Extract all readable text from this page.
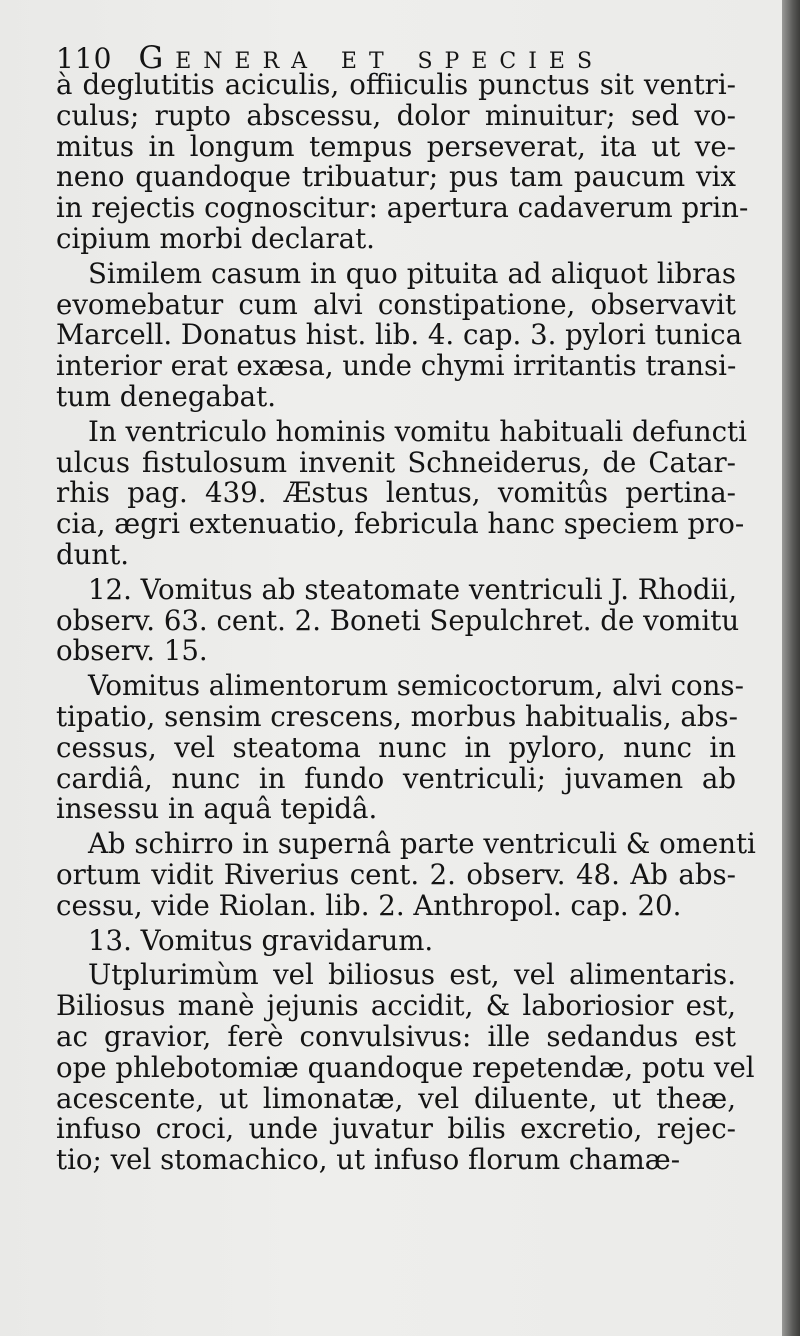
110 Genera et species
à deglutitis aciculis, offiiculis punctus sit ventri-
culus; rupto abscessu, dolor minuitur; sed vo-
mitus in longum tempus perseverat, ita ut ve-
neno quandoque tribuatur; pus tam paucum vix
in rejectis cognoscitur: apertura cadaverum prin-
cipium morbi declarat.
Similem casum in quo pituita ad aliquot libras
evomebatur cum alvi constipatione, observavit
Marcell. Donatus hist. lib. 4. cap. 3. pylori tunica
interior erat exæsa, unde chymi irritantis transi-
tum denegabat.
In ventriculo hominis vomitu habituali defuncti
ulcus fistulosum invenit Schneiderus, de Catar-
rhis pag. 439. Æstus lentus, vomitûs pertina-
cia, ægri extenuatio, febricula hanc speciem pro-
dunt.
12. Vomitus ab steatomate ventriculi J. Rhodii,
observ. 63. cent. 2. Boneti Sepulchret. de vomitu
observ. 15.
Vomitus alimentorum semicoctorum, alvi cons-
tipatio, sensim crescens, morbus habitualis, abs-
cessus, vel steatoma nunc in pyloro, nunc in
cardiâ, nunc in fundo ventriculi; juvamen ab
insessu in aquâ tepidâ.
Ab schirro in supernâ parte ventriculi & omenti
ortum vidit Riverius cent. 2. observ. 48. Ab abs-
cessu, vide Riolan. lib. 2. Anthropol. cap. 20.
13. Vomitus gravidarum.
Utplurimùm vel biliosus est, vel alimentaris.
Biliosus manè jejunis accidit, & laboriosior est,
ac gravior, ferè convulsivus: ille sedandus est
ope phlebotomiæ quandoque repetendæ, potu vel
acescente, ut limonatæ, vel diluente, ut theæ,
infuso croci, unde juvatur bilis excretio, rejec-
tio; vel stomachico, ut infuso florum chamæ-
